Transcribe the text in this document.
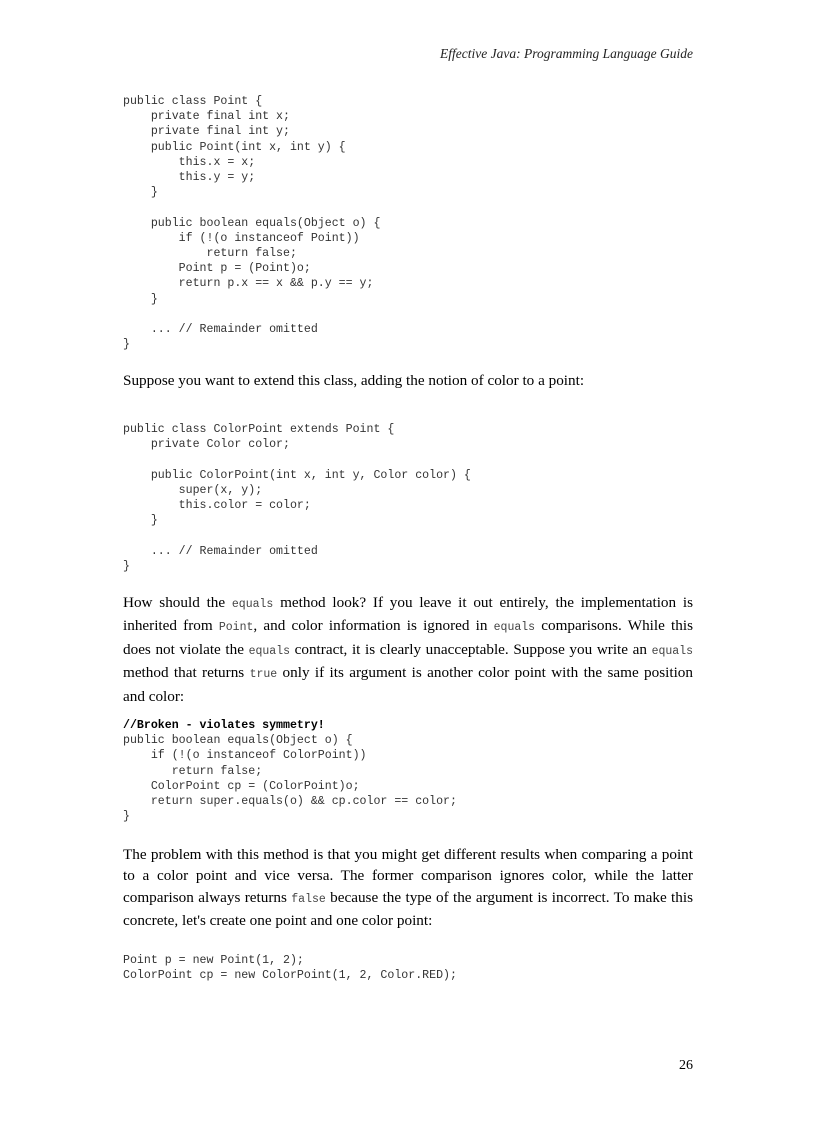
Effective Java: Programming Language Guide
public class Point {
private final int x;
private final int y;
public Point(int x, int y) {
this.x = x;
this.y = y;
}

public boolean equals(Object o) {
if (!(o instanceof Point))
return false;
Point p = (Point)o;
return p.x == x && p.y == y;
}

... // Remainder omitted
}

Suppose you want to extend this class, adding the notion of color to a point:

public class ColorPoint extends Point {
private Color color;

public ColorPoint(int x, int y, Color color) {
super(x, y);
this.color = color;
}

... // Remainder omitted
}

How should the equals method look? If you leave it out entirely, the implementation is inherited from Point, and color information is ignored in equals comparisons. While this does not violate the equals contract, it is clearly unacceptable. Suppose you write an equals method that returns true only if its argument is another color point with the same position and color:

//Broken - violates symmetry!
public boolean equals(Object o) {
if (!(o instanceof ColorPoint))
return false;
ColorPoint cp = (ColorPoint)o;
return super.equals(o) && cp.color == color;
}

The problem with this method is that you might get different results when comparing a point to a color point and vice versa. The former comparison ignores color, while the latter comparison always returns false because the type of the argument is incorrect. To make this concrete, let's create one point and one color point:

Point p = new Point(1, 2);
ColorPoint cp = new ColorPoint(1, 2, Color.RED);
26
